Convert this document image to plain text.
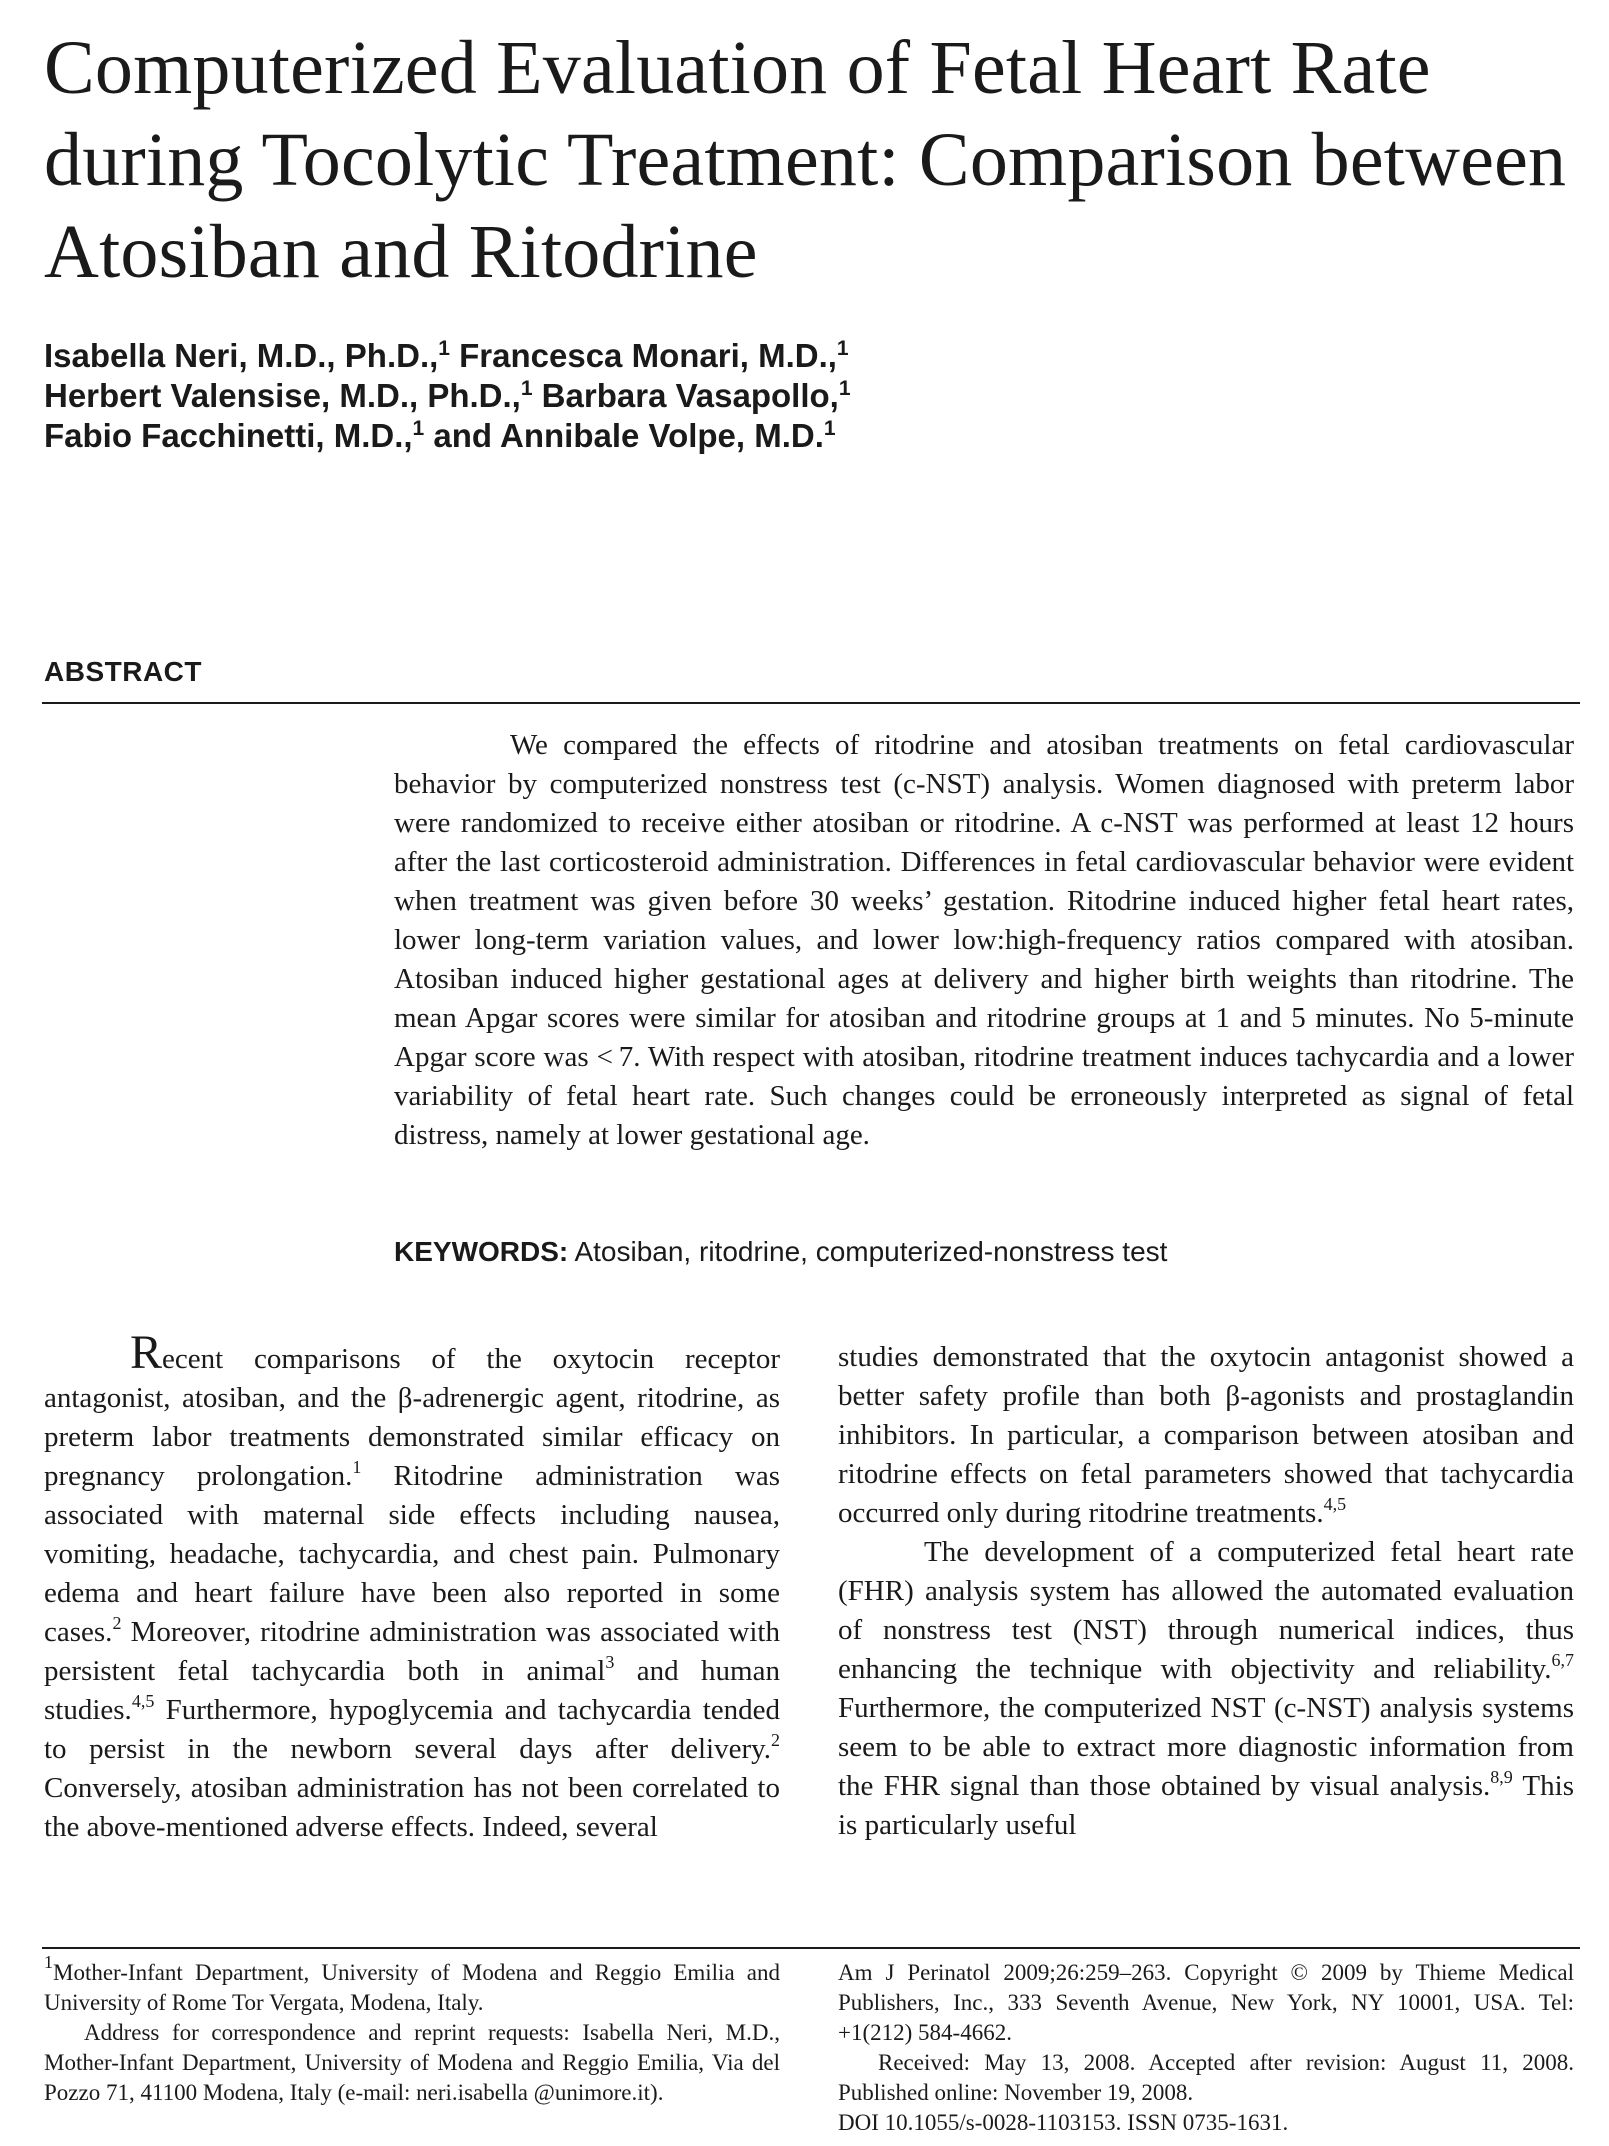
Computerized Evaluation of Fetal Heart Rate during Tocolytic Treatment: Comparison between Atosiban and Ritodrine
Isabella Neri, M.D., Ph.D.,$^1$ Francesca Monari, M.D.,$^1$
Herbert Valensise, M.D., Ph.D.,$^1$ Barbara Vasapollo,$^1$
Fabio Facchinetti, M.D.,$^1$ and Annibale Volpe, M.D.$^1$
ABSTRACT

We compared the effects of ritodrine and atosiban treatments on fetal cardiovascular behavior by computerized nonstress test (c-NST) analysis. Women diagnosed with preterm labor were randomized to receive either atosiban or ritodrine. A c-NST was performed at least 12 hours after the last corticosteroid administration. Differences in fetal cardiovascular behavior were evident when treatment was given before 30 weeks’ gestation. Ritodrine induced higher fetal heart rates, lower long-term variation values, and lower low:high-frequency ratios compared with atosiban. Atosiban induced higher gestational ages at delivery and higher birth weights than ritodrine. The mean Apgar scores were similar for atosiban and ritodrine groups at 1 and 5 minutes. No 5-minute Apgar score was < 7. With respect with atosiban, ritodrine treatment induces tachycardia and a lower variability of fetal heart rate. Such changes could be erroneously interpreted as signal of fetal distress, namely at lower gestational age.

KEYWORDS: Atosiban, ritodrine, computerized-nonstress test

Recent comparisons of the oxytocin receptor antagonist, atosiban, and the β-adrenergic agent, ritodrine, as preterm labor treatments demonstrated similar efficacy on pregnancy prolongation.$^1$ Ritodrine administration was associated with maternal side effects including nausea, vomiting, headache, tachycardia, and chest pain. Pulmonary edema and heart failure have been also reported in some cases.$^2$ Moreover, ritodrine administration was associated with persistent fetal tachycardia both in animal$^3$ and human studies.$^{4,5}$ Furthermore, hypoglycemia and tachycardia tended to persist in the newborn several days after delivery.$^2$ Conversely, atosiban administration has not been correlated to the above-mentioned adverse effects. Indeed, several

studies demonstrated that the oxytocin antagonist showed a better safety profile than both β-agonists and prostaglandin inhibitors. In particular, a comparison between atosiban and ritodrine effects on fetal parameters showed that tachycardia occurred only during ritodrine treatments.$^{4,5}$

The development of a computerized fetal heart rate (FHR) analysis system has allowed the automated evaluation of nonstress test (NST) through numerical indices, thus enhancing the technique with objectivity and reliability.$^{6,7}$ Furthermore, the computerized NST (c-NST) analysis systems seem to be able to extract more diagnostic information from the FHR signal than those obtained by visual analysis.$^{8,9}$ This is particularly useful

$^1$Mother-Infant Department, University of Modena and Reggio Emilia and University of Rome Tor Vergata, Modena, Italy.

Address for correspondence and reprint requests: Isabella Neri, M.D., Mother-Infant Department, University of Modena and Reggio Emilia, Via del Pozzo 71, 41100 Modena, Italy (e-mail: neri.isabella @unimore.it).

Am J Perinatol 2009;26:259–263. Copyright © 2009 by Thieme Medical Publishers, Inc., 333 Seventh Avenue, New York, NY 10001, USA. Tel: +1(212) 584-4662.

Received: May 13, 2008. Accepted after revision: August 11, 2008. Published online: November 19, 2008.

DOI 10.1055/s-0028-1103153. ISSN 0735-1631.
